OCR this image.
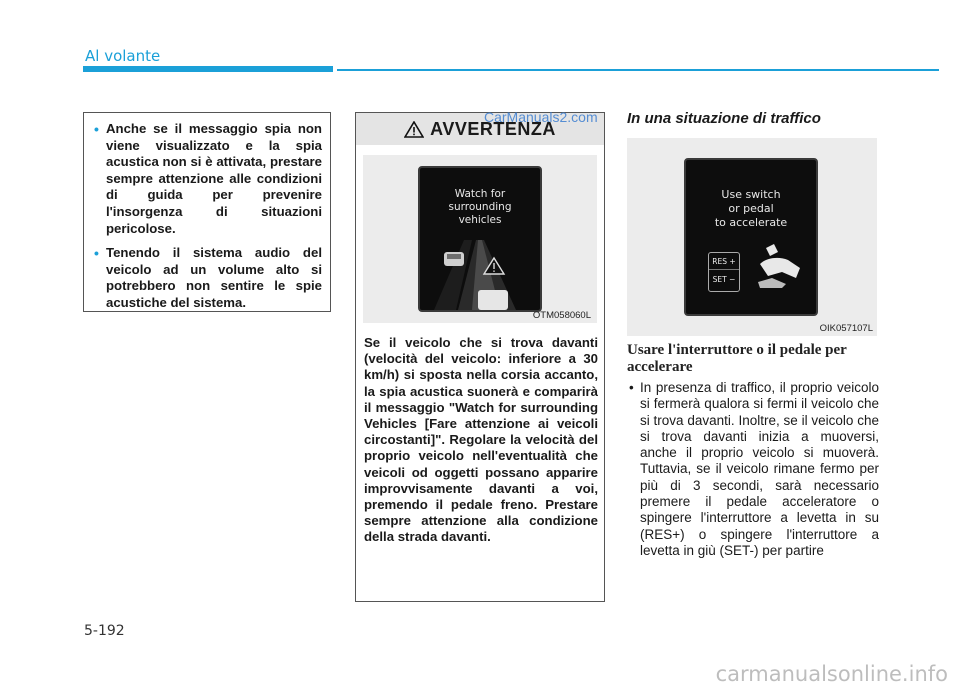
Al volante
• Anche se il messaggio spia non viene visualizzato e la spia acustica non si è attivata, prestare sempre attenzione alle condizioni di guida per prevenire l'insorgenza di situazioni pericolose.
• Tenendo il sistema audio del veicolo ad un volume alto si potrebbero non sentire le spie acustiche del sistema.
AVVERTENZA
Watch for
surrounding
vehicles
OTM058060L
Se il veicolo che si trova davanti (velocità del veicolo: inferiore a 30 km/h) si sposta nella corsia accanto, la spia acustica suonerà e comparirà il messaggio "Watch for surrounding Vehicles [Fare attenzione ai veicoli circostanti]". Regolare la velocità del proprio veicolo nell'eventualità che veicoli od oggetti possano apparire improvvisamente davanti a voi, premendo il pedale freno. Prestare sempre attenzione alla condizione della strada davanti.
CarManuals2.com In una situazione di traffico
Use switch
or pedal
to accelerate
RES +
SET −
OIK057107L
Usare l'interruttore o il pedale per accelerare
• In presenza di traffico, il proprio veicolo si fermerà qualora si fermi il veicolo che si trova davanti. Inoltre, se il veicolo che si trova davanti inizia a muoversi, anche il proprio veicolo si muoverà. Tuttavia, se il veicolo rimane fermo per più di 3 secondi, sarà necessario premere il pedale acceleratore o spingere l'interruttore a levetta in su (RES+) o spingere l'interruttore a levetta in giù (SET-) per partire
5-192
carmanualsonline.info
